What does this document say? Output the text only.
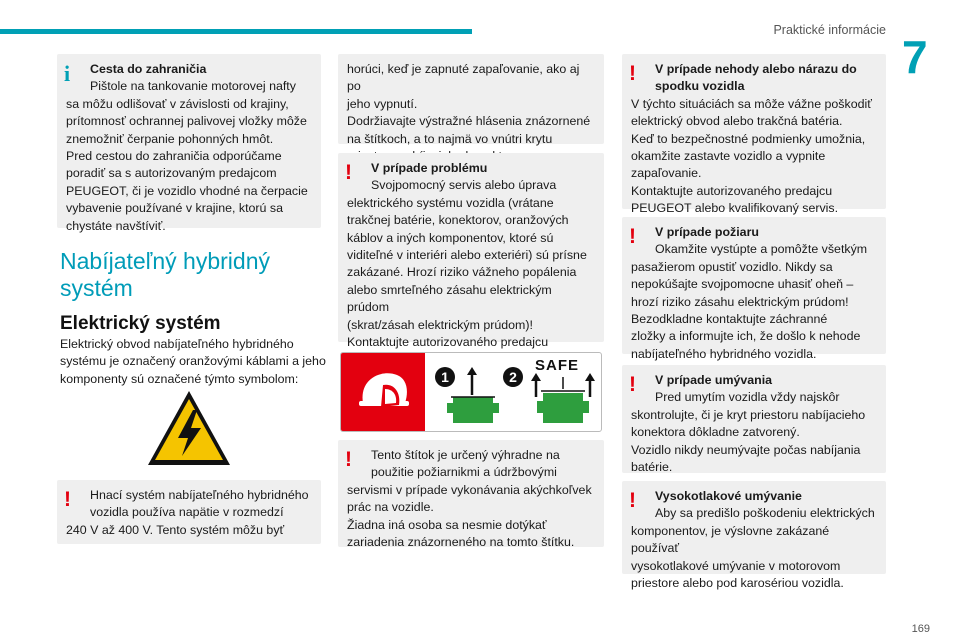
Praktické informácie
7
i	Cesta do zahraničia

Pištole na tankovanie motorovej nafty

sa môžu odlišovať v závislosti od krajiny,

prítomnosť ochrannej palivovej vložky môže

znemožniť čerpanie pohonných hmôt.

Pred cestou do zahraničia odporúčame

poradiť sa s autorizovaným predajcom

PEUGEOT, či je vozidlo vhodné na čerpacie

vybavenie používané v krajine, ktorú sa

chystáte navštíviť.

Nabíjateľný hybridný
systém
Elektrický systém
Elektrický obvod nabíjateľného hybridného
systému je označený oranžovými káblami a jeho
komponenty sú označené týmto symbolom:
!	Hnací systém nabíjateľného hybridného

vozidla používa napätie v rozmedzí

240 V až 400 V. Tento systém môžu byť

horúci, keď je zapnuté zapaľovanie, ako aj po

jeho vypnutí.

Dodržiavajte výstražné hlásenia znázornené

na štítkoch, a to najmä vo vnútri krytu

!	V prípade problému

Svojpomocný servis alebo úprava

elektrického systému vozidla (vrátane

trakčnej batérie, konektorov, oranžových

káblov a iných komponentov, ktoré sú

viditeľné v interiéri alebo exteriéri) sú prísne

zakázané. Hrozí riziko vážneho popálenia

alebo smrteľného zásahu elektrickým prúdom

(skrat/zásah elektrickým prúdom)!

Kontaktujte autorizovaného predajcu

1	2
SAFE
!	Tento štítok je určený výhradne na

použitie požiarnikmi a údržbovými

servismi v prípade vykonávania akýchkoľvek

prác na vozidle.

Žiadna iná osoba sa nesmie dotýkať

zariadenia znázorneného na tomto štítku.

!	V prípade nehody alebo nárazu do

spodku vozidla

V týchto situáciách sa môže vážne poškodiť

elektrický obvod alebo trakčná batéria.

Keď to bezpečnostné podmienky umožnia,

okamžite zastavte vozidlo a vypnite

zapaľovanie.

Kontaktujte autorizovaného predajcu

PEUGEOT alebo kvalifikovaný servis.

!	V prípade požiaru

Okamžite vystúpte a pomôžte všetkým

pasažierom opustiť vozidlo. Nikdy sa

nepokúšajte svojpomocne uhasiť oheň –

hrozí riziko zásahu elektrickým prúdom!

Bezodkladne kontaktujte záchranné

zložky a informujte ich, že došlo k nehode

nabíjateľného hybridného vozidla.

!	V prípade umývania

Pred umytím vozidla vždy najskôr

skontrolujte, či je kryt priestoru nabíjacieho

konektora dôkladne zatvorený.

Vozidlo nikdy neumývajte počas nabíjania

batérie.

!	Vysokotlakové umývanie

Aby sa predišlo poškodeniu elektrických

komponentov, je výslovne zakázané používať

vysokotlakové umývanie v motorovom

priestore alebo pod karosériou vozidla.

169
